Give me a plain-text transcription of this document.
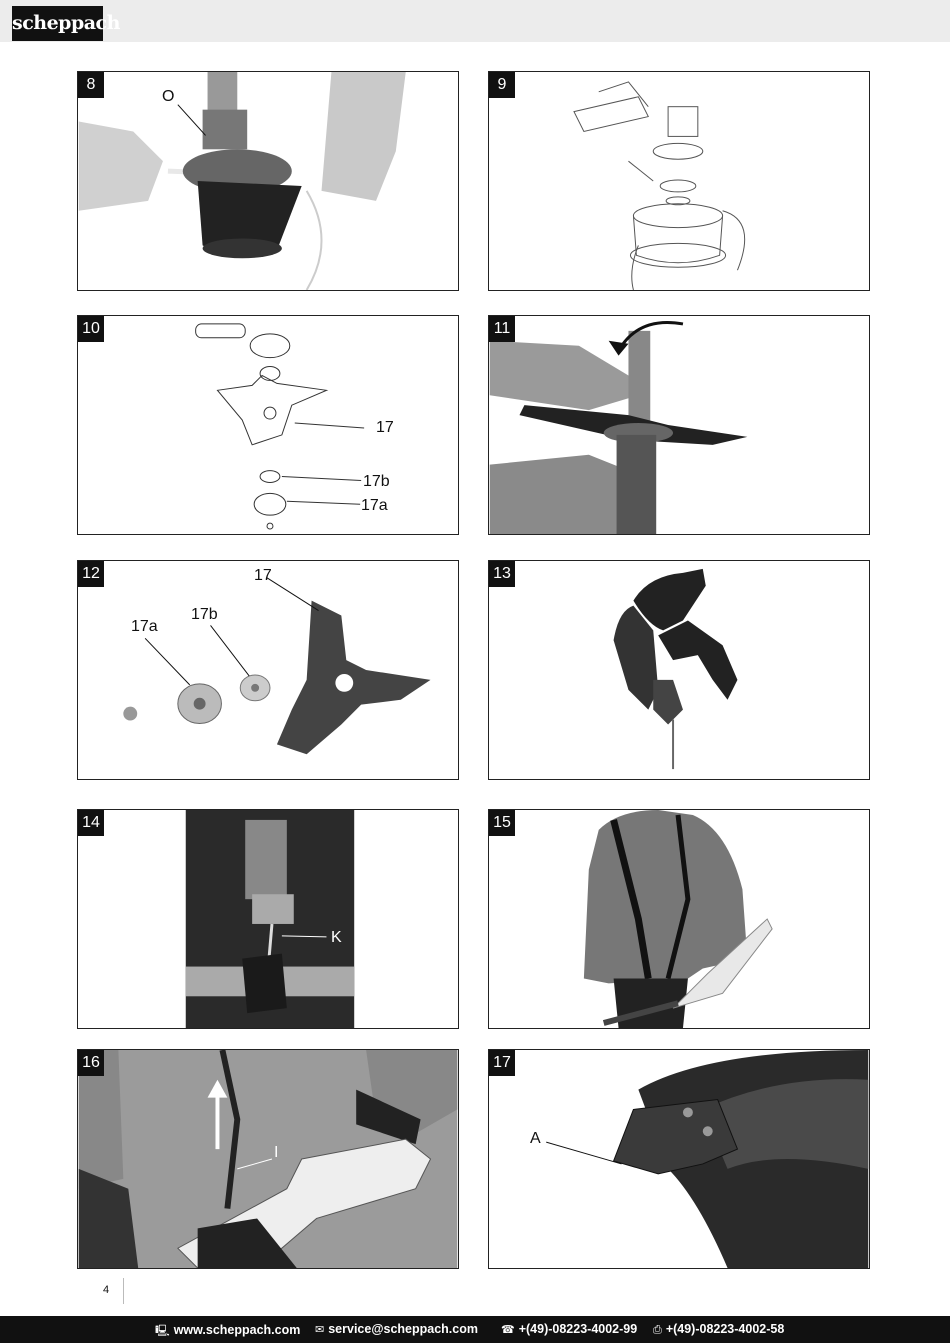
scheppach
8
O
9
10
17
17b
17a
11
12	17
17a
17b
13
14
K
15
16
I
17
A
4
🖳 www.scheppach.com ✉ service@scheppach.com ☎ +(49)-08223-4002-99 ⎙ +(49)-08223-4002-58
